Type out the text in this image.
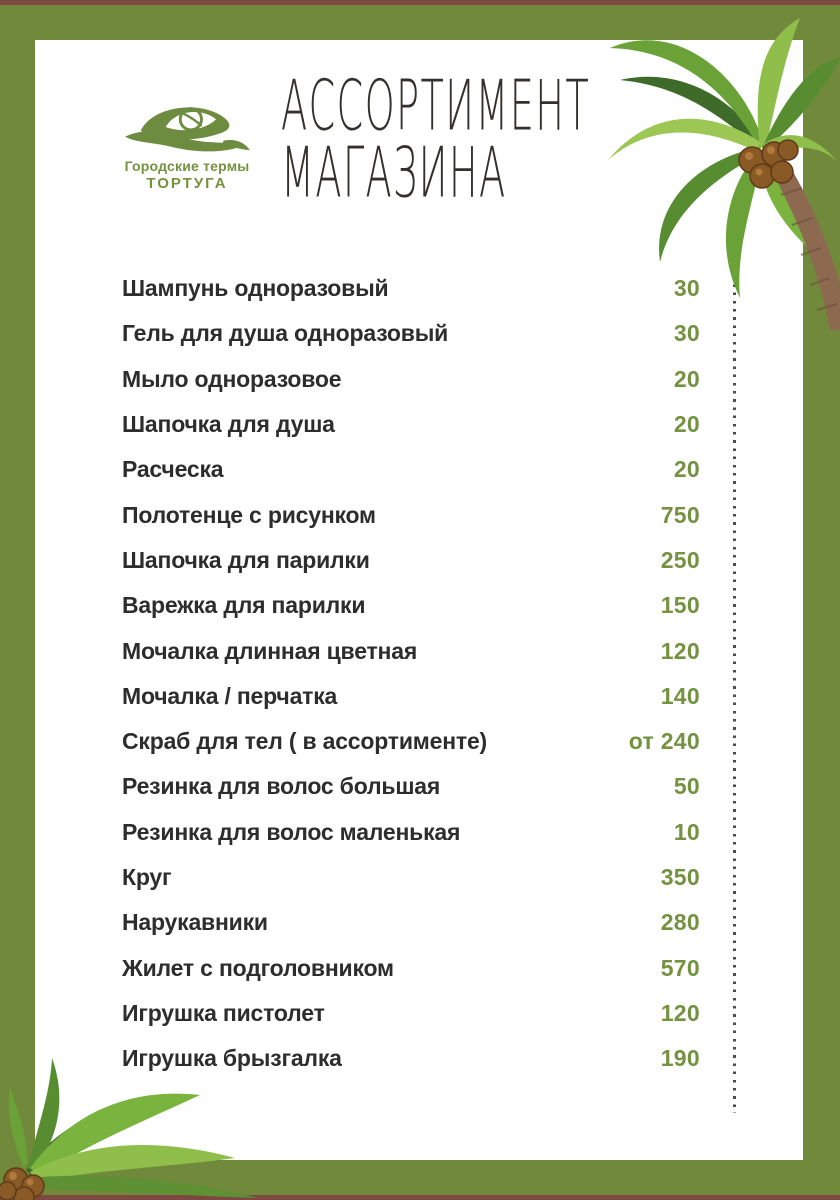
Городские термы
ТОРТУГА
АССОРТИМЕНТ
МАГАЗИНА
Шампунь одноразовый	30
Гель для душа одноразовый	30
Мыло одноразовое	20
Шапочка для душа	20
Расческа	20
Полотенце с рисунком	750
Шапочка для парилки	250
Варежка для парилки	150
Мочалка длинная цветная	120
Мочалка / перчатка	140
Скраб для тел ( в ассортименте)	от 240
Резинка для волос большая	50
Резинка для волос маленькая	10
Круг	350
Нарукавники	280
Жилет с подголовником	570
Игрушка пистолет	120
Игрушка брызгалка	190
